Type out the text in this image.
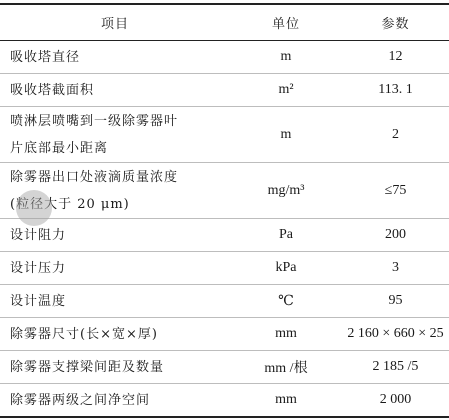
项目	单位	参数
吸收塔直径	m	12
吸收塔截面积	m²	113. 1

喷淋层喷嘴到一级除雾器叶
片底部最小距离	m	2

除雾器出口处液滴质量浓度
(粒径大于 20 μm)	mg/m³	≤75
设计阻力	Pa	200
设计压力	kPa	3
设计温度	℃	95
除雾器尺寸(长×宽×厚)	mm	2 160 × 660 × 25
除雾器支撑梁间距及数量	mm /根	2 185 /5
除雾器两级之间净空间	mm	2 000
